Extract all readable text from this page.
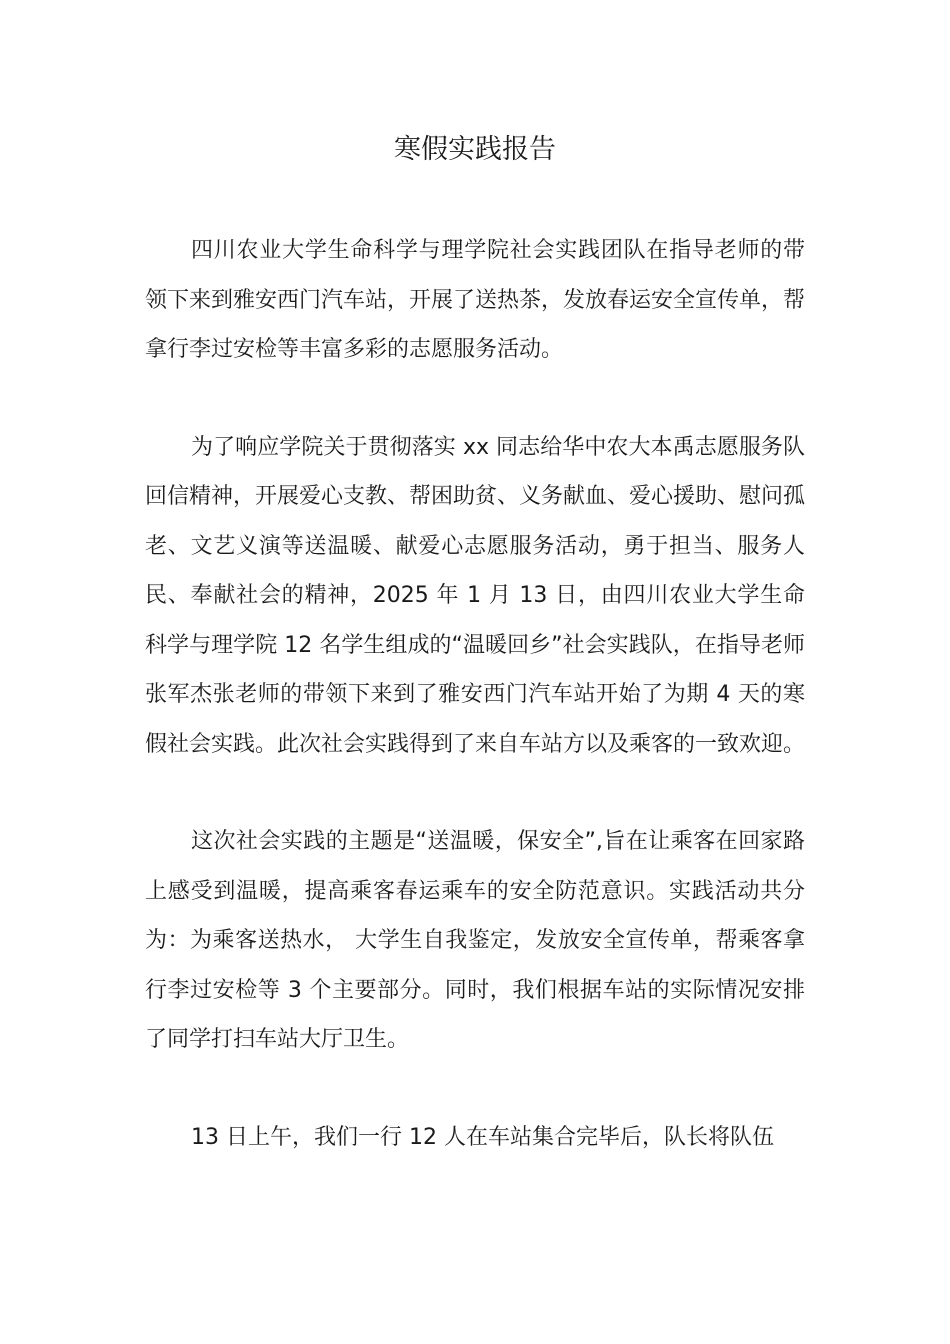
寒假实践报告

四川农业大学生命科学与理学院社会实践团队在指导老师的带领下来到雅安西门汽车站，开展了送热茶，发放春运安全宣传单，帮拿行李过安检等丰富多彩的志愿服务活动。

为了响应学院关于贯彻落实 xx 同志给华中农大本禹志愿服务队回信精神，开展爱心支教、帮困助贫、义务献血、爱心援助、慰问孤老、文艺义演等送温暖、献爱心志愿服务活动，勇于担当、服务人民、奉献社会的精神，2025 年 1 月 13 日，由四川农业大学生命科学与理学院 12 名学生组成的“温暖回乡”社会实践队，在指导老师张军杰张老师的带领下来到了雅安西门汽车站开始了为期 4 天的寒假社会实践。此次社会实践得到了来自车站方以及乘客的一致欢迎。

这次社会实践的主题是“送温暖，保安全”,旨在让乘客在回家路上感受到温暖，提高乘客春运乘车的安全防范意识。实践活动共分为：为乘客送热水， 大学生自我鉴定，发放安全宣传单，帮乘客拿行李过安检等 3 个主要部分。同时，我们根据车站的实际情况安排了同学打扫车站大厅卫生。

13 日上午，我们一行 12 人在车站集合完毕后，队长将队伍
